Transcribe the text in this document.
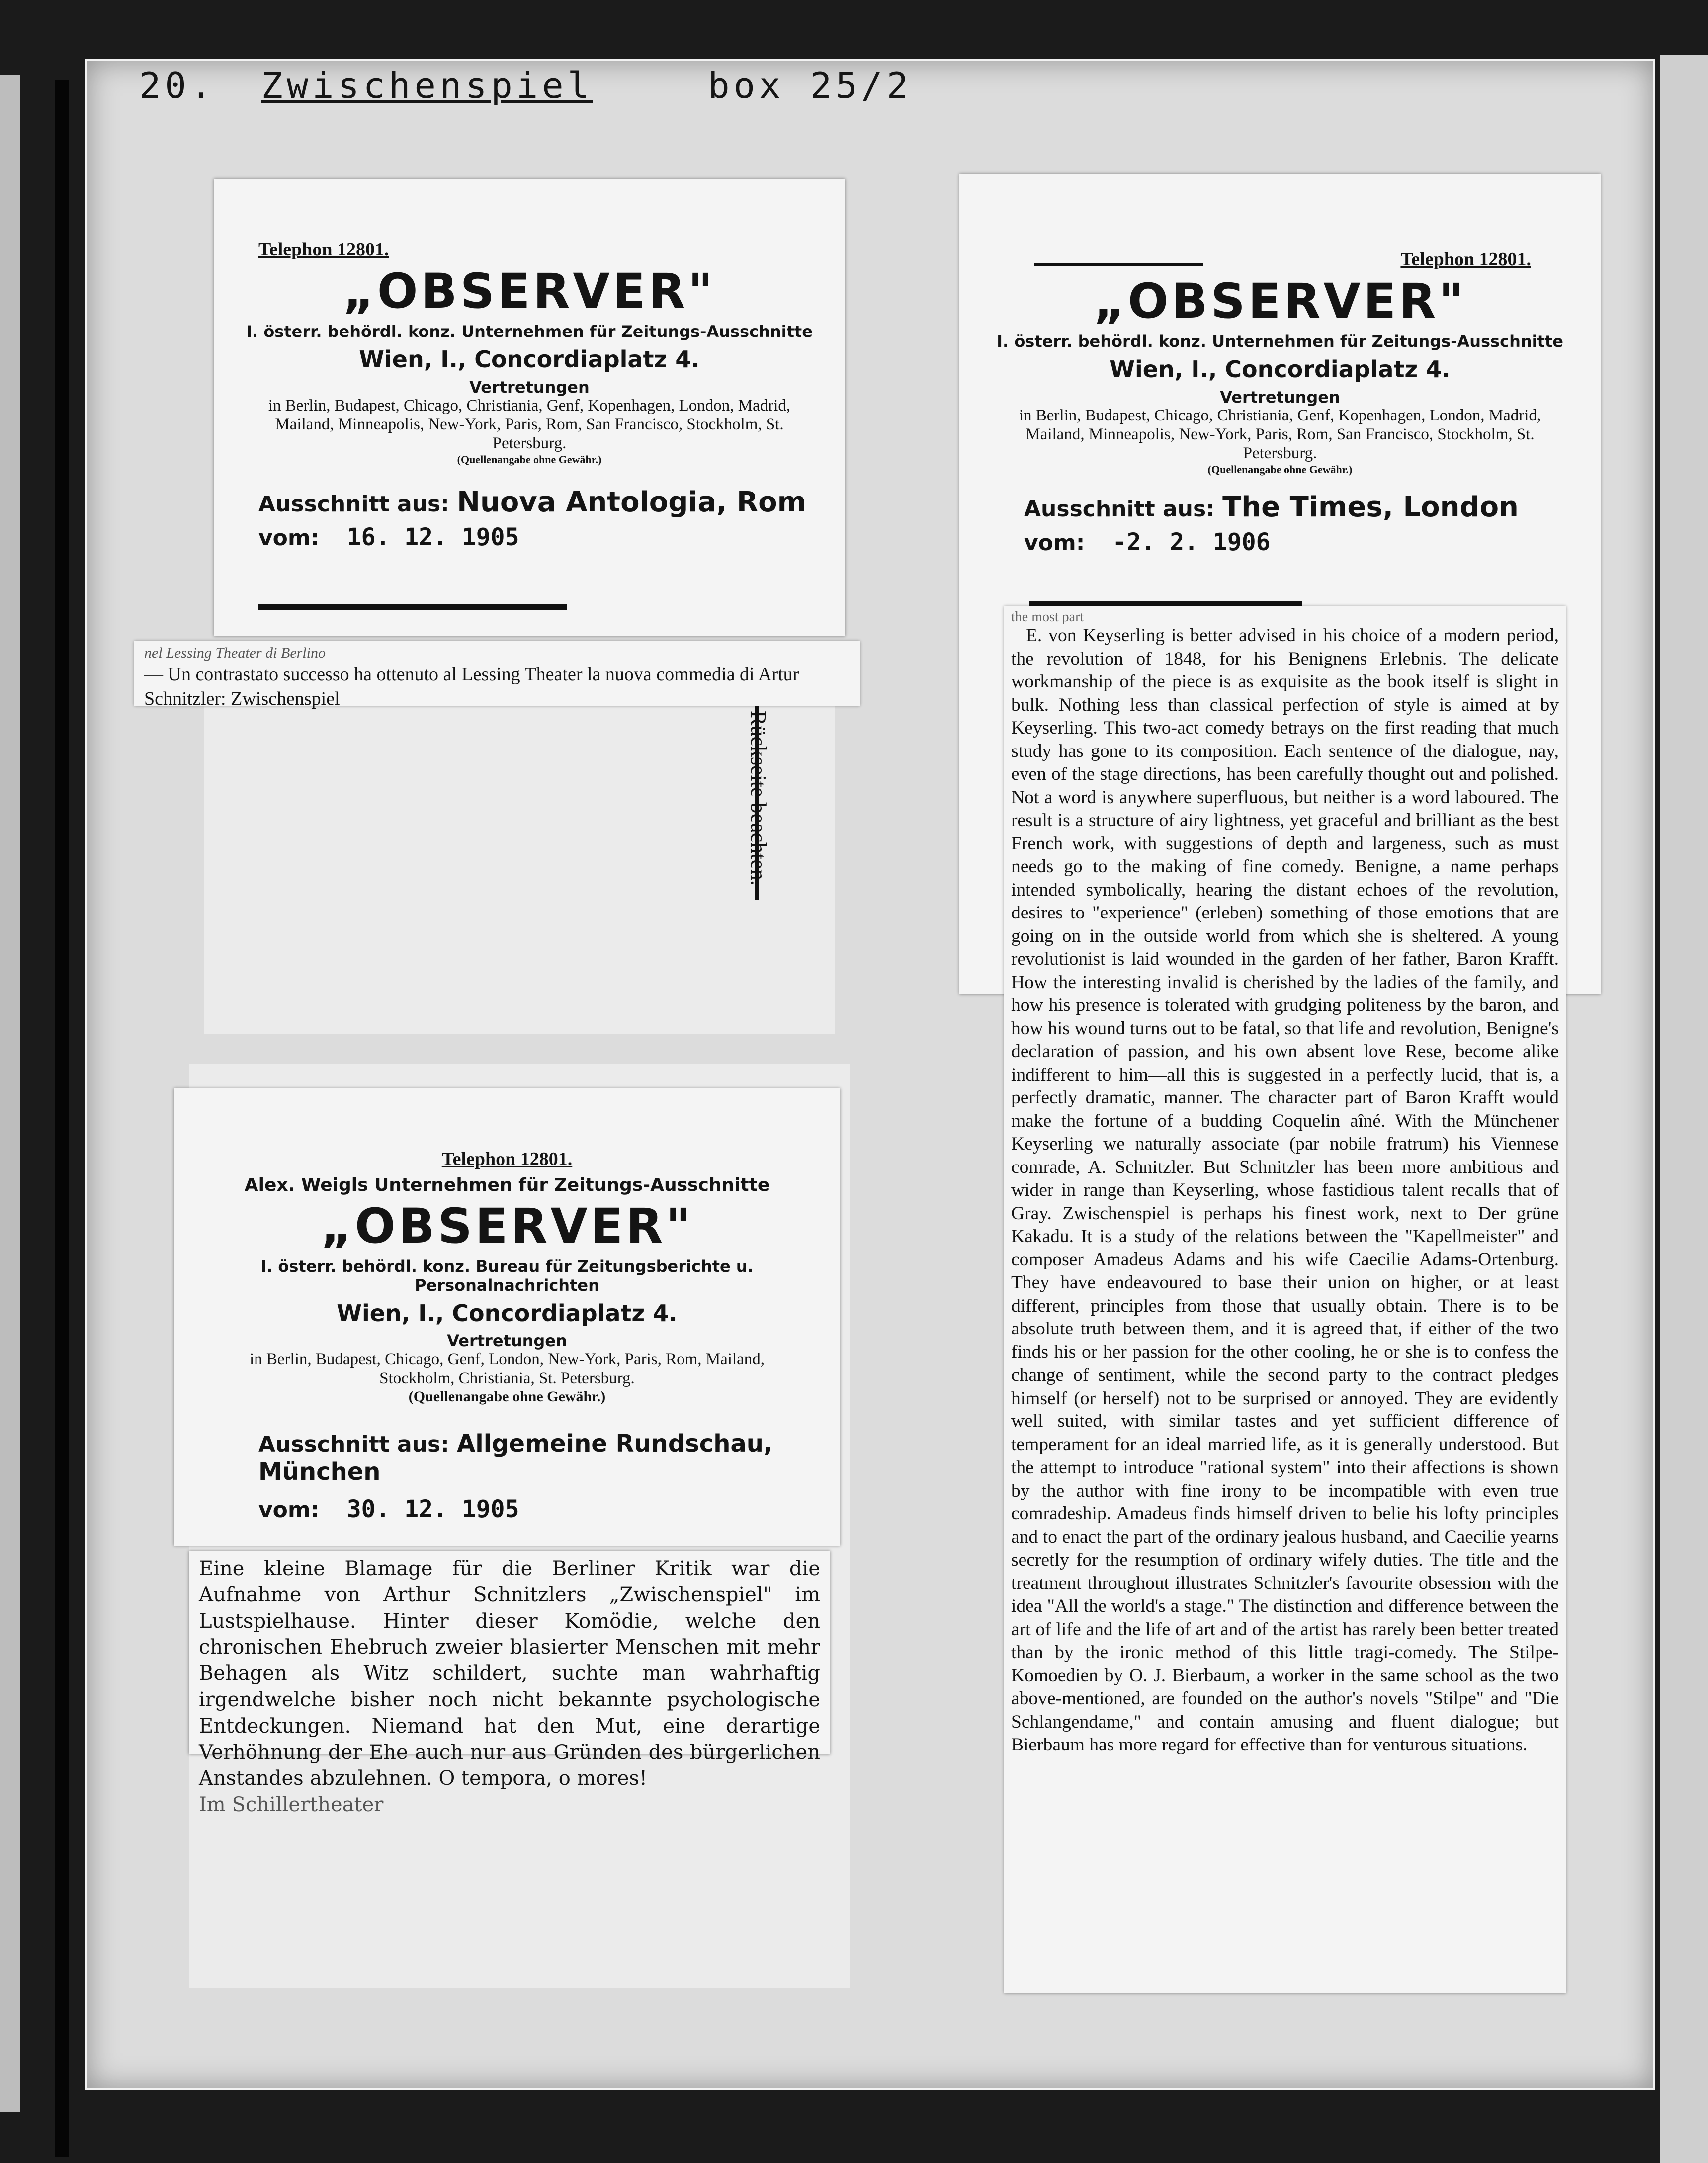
20. Zwischenspiel	box 25/2
Telephon 12801.
„OBSERVER"
I. österr. behördl. konz. Unternehmen für Zeitungs-Ausschnitte
Wien, I., Concordiaplatz 4.
Vertretungen
in Berlin, Budapest, Chicago, Christiania, Genf, Kopenhagen, London, Madrid, Mailand, Minneapolis, New-York, Paris, Rom, San Francisco, Stockholm, St. Petersburg.
(Quellenangabe ohne Gewähr.)
Ausschnitt aus: Nuova Antologia, Rom
vom: 16. 12. 1905
nel Lessing Theater di Berlino
— Un contrastato successo ha ottenuto al Lessing Theater la nuova commedia di Artur Schnitzler: Zwischenspiel
Telephon 12801.
Alex. Weigls Unternehmen für Zeitungs-Ausschnitte
„OBSERVER"
I. österr. behördl. konz. Bureau für Zeitungsberichte u. Personalnachrichten
Wien, I., Concordiaplatz 4.
Vertretungen
in Berlin, Budapest, Chicago, Genf, London, New-York, Paris, Rom, Mailand, Stockholm, Christiania, St. Petersburg.
(Quellenangabe ohne Gewähr.)
Ausschnitt aus: Allgemeine Rundschau, München
vom: 30. 12. 1905
Eine kleine Blamage für die Berliner Kritik war die Aufnahme von Arthur Schnitzlers „Zwischenspiel" im Lustspielhause. Hinter dieser Komödie, welche den chronischen Ehebruch zweier blasierter Menschen mit mehr Behagen als Witz schildert, suchte man wahrhaftig irgendwelche bisher noch nicht bekannte psychologische Entdeckungen. Niemand hat den Mut, eine derartige Verhöhnung der Ehe auch nur aus Gründen des bürgerlichen Anstandes abzulehnen. O tempora, o mores!
Im Schillertheater
Telephon 12801.
„OBSERVER"
I. österr. behördl. konz. Unternehmen für Zeitungs-Ausschnitte
Wien, I., Concordiaplatz 4.
Vertretungen
in Berlin, Budapest, Chicago, Christiania, Genf, Kopenhagen, London, Madrid, Mailand, Minneapolis, New-York, Paris, Rom, San Francisco, Stockholm, St. Petersburg.
(Quellenangabe ohne Gewähr.)
Ausschnitt aus: The Times, London
vom: -2. 2. 1906
the most part
E. von Keyserling is better advised in his choice of a modern period, the revolution of 1848, for his Benignens Erlebnis. The delicate workmanship of the piece is as exquisite as the book itself is slight in bulk. Nothing less than classical perfection of style is aimed at by Keyserling. This two-act comedy betrays on the first reading that much study has gone to its composition. Each sentence of the dialogue, nay, even of the stage directions, has been carefully thought out and polished. Not a word is anywhere superfluous, but neither is a word laboured. The result is a structure of airy lightness, yet graceful and brilliant as the best French work, with suggestions of depth and largeness, such as must needs go to the making of fine comedy. Benigne, a name perhaps intended symbolically, hearing the distant echoes of the revolution, desires to "experience" (erleben) something of those emotions that are going on in the outside world from which she is sheltered. A young revolutionist is laid wounded in the garden of her father, Baron Krafft. How the interesting invalid is cherished by the ladies of the family, and how his presence is tolerated with grudging politeness by the baron, and how his wound turns out to be fatal, so that life and revolution, Benigne's declaration of passion, and his own absent love Rese, become alike indifferent to him—all this is suggested in a perfectly lucid, that is, a perfectly dramatic, manner. The character part of Baron Krafft would make the fortune of a budding Coquelin aîné. With the Münchener Keyserling we naturally associate (par nobile fratrum) his Viennese comrade, A. Schnitzler. But Schnitzler has been more ambitious and wider in range than Keyserling, whose fastidious talent recalls that of Gray. Zwischenspiel is perhaps his finest work, next to Der grüne Kakadu. It is a study of the relations between the "Kapellmeister" and composer Amadeus Adams and his wife Caecilie Adams-Ortenburg. They have endeavoured to base their union on higher, or at least different, principles from those that usually obtain. There is to be absolute truth between them, and it is agreed that, if either of the two finds his or her passion for the other cooling, he or she is to confess the change of sentiment, while the second party to the contract pledges himself (or herself) not to be surprised or annoyed. They are evidently well suited, with similar tastes and yet sufficient difference of temperament for an ideal married life, as it is generally understood. But the attempt to introduce "rational system" into their affections is shown by the author with fine irony to be incompatible with even true comradeship. Amadeus finds himself driven to belie his lofty principles and to enact the part of the ordinary jealous husband, and Caecilie yearns secretly for the resumption of ordinary wifely duties. The title and the treatment throughout illustrates Schnitzler's favourite obsession with the idea "All the world's a stage." The distinction and difference between the art of life and the life of art and of the artist has rarely been better treated than by the ironic method of this little tragi-comedy. The Stilpe-Komoedien by O. J. Bierbaum, a worker in the same school as the two above-mentioned, are founded on the author's novels "Stilpe" and "Die Schlangendame," and contain amusing and fluent dialogue; but Bierbaum has more regard for effective than for venturous situations.
